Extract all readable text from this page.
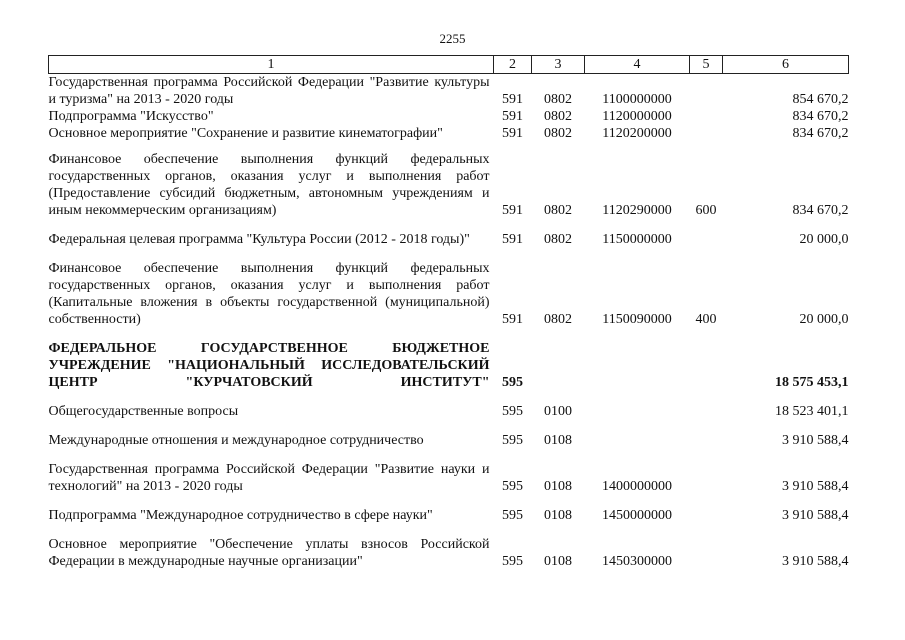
2255
1	2	3	4	5	6
Государственная программа Российской Федерации "Развитие культуры и туризма" на 2013 - 2020 годы	591	0802	1100000000		854 670,2
Подпрограмма "Искусство"	591	0802	1120000000		834 670,2
Основное мероприятие "Сохранение и развитие кинематографии"	591	0802	1120200000		834 670,2
Финансовое обеспечение выполнения функций федеральных государственных органов, оказания услуг и выполнения работ (Предоставление субсидий бюджетным, автономным учреждениям и иным некоммерческим организациям)	591	0802	1120290000	600	834 670,2
Федеральная целевая программа "Культура России (2012 - 2018 годы)"	591	0802	1150000000		20 000,0
Финансовое обеспечение выполнения функций федеральных государственных органов, оказания услуг и выполнения работ (Капитальные вложения в объекты государственной (муниципальной) собственности)	591	0802	1150090000	400	20 000,0
ФЕДЕРАЛЬНОЕ ГОСУДАРСТВЕННОЕ БЮДЖЕТНОЕ УЧРЕЖДЕНИЕ "НАЦИОНАЛЬНЫЙ ИССЛЕДОВАТЕЛЬСКИЙ ЦЕНТР "КУРЧАТОВСКИЙ ИНСТИТУТ"	595				18 575 453,1
Общегосударственные вопросы	595	0100			18 523 401,1
Международные отношения и международное сотрудничество	595	0108			3 910 588,4
Государственная программа Российской Федерации "Развитие науки и технологий" на 2013 - 2020 годы	595	0108	1400000000		3 910 588,4
Подпрограмма "Международное сотрудничество в сфере науки"	595	0108	1450000000		3 910 588,4
Основное мероприятие "Обеспечение уплаты взносов Российской Федерации в международные научные организации"	595	0108	1450300000		3 910 588,4
